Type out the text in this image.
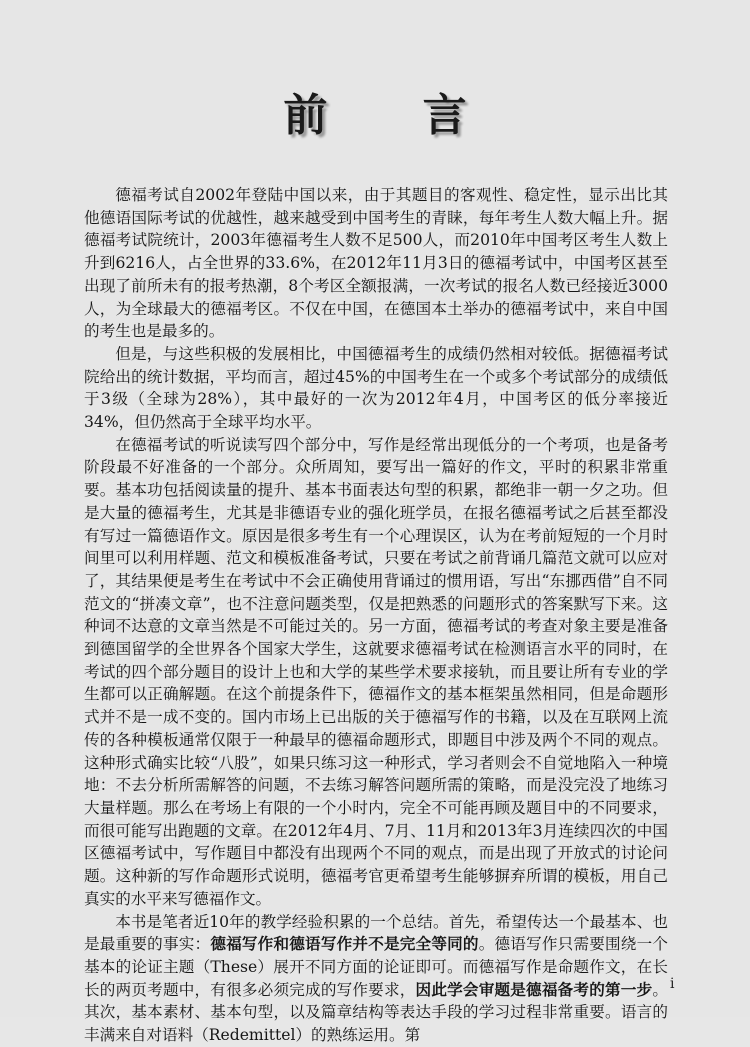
前 言

德福考试自2002年登陆中国以来，由于其题目的客观性、稳定性，显示出比其他德语国际考试的优越性，越来越受到中国考生的青睐，每年考生人数大幅上升。据德福考试院统计，2003年德福考生人数不足500人，而2010年中国考区考生人数上升到6216人，占全世界的33.6%，在2012年11月3日的德福考试中，中国考区甚至出现了前所未有的报考热潮，8个考区全额报满，一次考试的报名人数已经接近3000人，为全球最大的德福考区。不仅在中国，在德国本土举办的德福考试中，来自中国的考生也是最多的。

但是，与这些积极的发展相比，中国德福考生的成绩仍然相对较低。据德福考试院给出的统计数据，平均而言，超过45%的中国考生在一个或多个考试部分的成绩低于3级（全球为28%），其中最好的一次为2012年4月，中国考区的低分率接近34%，但仍然高于全球平均水平。

在德福考试的听说读写四个部分中，写作是经常出现低分的一个考项，也是备考阶段最不好准备的一个部分。众所周知，要写出一篇好的作文，平时的积累非常重要。基本功包括阅读量的提升、基本书面表达句型的积累，都绝非一朝一夕之功。但是大量的德福考生，尤其是非德语专业的强化班学员，在报名德福考试之后甚至都没有写过一篇德语作文。原因是很多考生有一个心理误区，认为在考前短短的一个月时间里可以利用样题、范文和模板准备考试，只要在考试之前背诵几篇范文就可以应对了，其结果便是考生在考试中不会正确使用背诵过的惯用语，写出“东挪西借”自不同范文的“拼凑文章”，也不注意问题类型，仅是把熟悉的问题形式的答案默写下来。这种词不达意的文章当然是不可能过关的。另一方面，德福考试的考查对象主要是准备到德国留学的全世界各个国家大学生，这就要求德福考试在检测语言水平的同时，在考试的四个部分题目的设计上也和大学的某些学术要求接轨，而且要让所有专业的学生都可以正确解题。在这个前提条件下，德福作文的基本框架虽然相同，但是命题形式并不是一成不变的。国内市场上已出版的关于德福写作的书籍，以及在互联网上流传的各种模板通常仅限于一种最早的德福命题形式，即题目中涉及两个不同的观点。这种形式确实比较“八股”，如果只练习这一种形式，学习者则会不自觉地陷入一种境地：不去分析所需解答的问题，不去练习解答问题所需的策略，而是没完没了地练习大量样题。那么在考场上有限的一个小时内，完全不可能再顾及题目中的不同要求，而很可能写出跑题的文章。在2012年4月、7月、11月和2013年3月连续四次的中国区德福考试中，写作题目中都没有出现两个不同的观点，而是出现了开放式的讨论问题。这种新的写作命题形式说明，德福考官更希望考生能够摒弃所谓的模板，用自己真实的水平来写德福作文。

本书是笔者近10年的教学经验积累的一个总结。首先，希望传达一个最基本、也是最重要的事实：德福写作和德语写作并不是完全等同的。德语写作只需要围绕一个基本的论证主题（These）展开不同方面的论证即可。而德福写作是命题作文，在长长的两页考题中，有很多必须完成的写作要求，因此学会审题是德福备考的第一步。其次，基本素材、基本句型，以及篇章结构等表达手段的学习过程非常重要。语言的丰满来自对语料（Redemittel）的熟练运用。第

i
